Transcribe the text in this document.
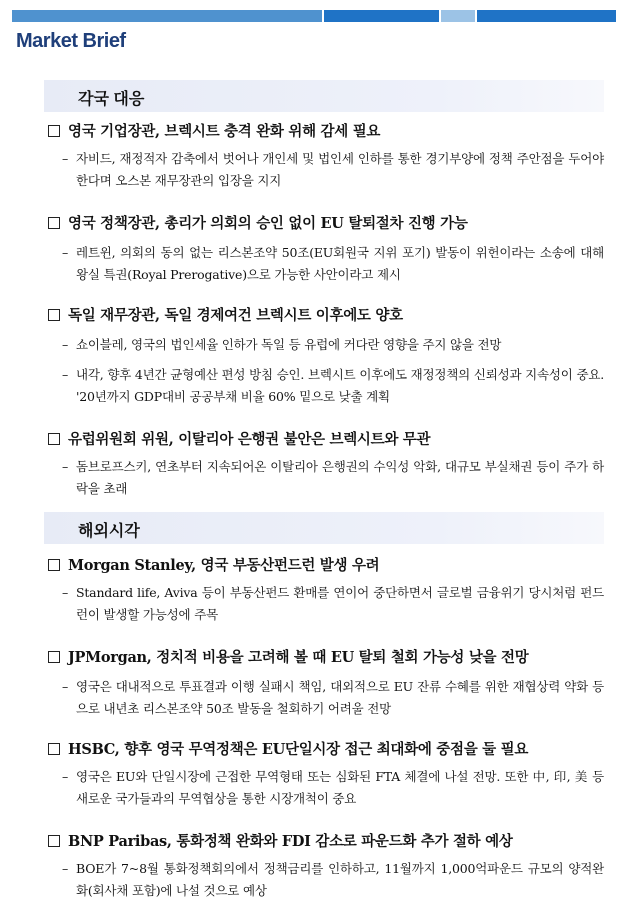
Market Brief
각국 대응
영국 기업장관, 브렉시트 충격 완화 위해 감세 필요
– 자비드, 재정적자 감축에서 벗어나 개인세 및 법인세 인하를 통한 경기부양에 정책 주안점을 두어야 한다며 오스본 재무장관의 입장을 지지
영국 정책장관, 총리가 의회의 승인 없이 EU 탈퇴절차 진행 가능
– 레트윈, 의회의 동의 없는 리스본조약 50조(EU회원국 지위 포기) 발동이 위헌이라는 소송에 대해 왕실 특권(Royal Prerogative)으로 가능한 사안이라고 제시
독일 재무장관, 독일 경제여건 브렉시트 이후에도 양호
– 쇼이블레, 영국의 법인세율 인하가 독일 등 유럽에 커다란 영향을 주지 않을 전망
– 내각, 향후 4년간 균형예산 편성 방침 승인. 브렉시트 이후에도 재정정책의 신뢰성과 지속성이 중요. '20년까지 GDP대비 공공부채 비율 60% 밑으로 낮출 계획
유럽위원회 위원, 이탈리아 은행권 불안은 브렉시트와 무관
– 돔브로프스키, 연초부터 지속되어온 이탈리아 은행권의 수익성 악화, 대규모 부실채권 등이 주가 하락을 초래
해외시각
Morgan Stanley, 영국 부동산펀드런 발생 우려
– Standard life, Aviva 등이 부동산펀드 환매를 연이어 중단하면서 글로벌 금융위기 당시처럼 펀드런이 발생할 가능성에 주목
JPMorgan, 정치적 비용을 고려해 볼 때 EU 탈퇴 철회 가능성 낮을 전망
– 영국은 대내적으로 투표결과 이행 실패시 책임, 대외적으로 EU 잔류 수혜를 위한 재협상력 약화 등으로 내년초 리스본조약 50조 발동을 철회하기 어려울 전망
HSBC, 향후 영국 무역정책은 EU단일시장 접근 최대화에 중점을 둘 필요
– 영국은 EU와 단일시장에 근접한 무역형태 또는 심화된 FTA 체결에 나설 전망. 또한 中, 印, 美 등 새로운 국가들과의 무역협상을 통한 시장개척이 중요
BNP Paribas, 통화정책 완화와 FDI 감소로 파운드화 추가 절하 예상
– BOE가 7~8월 통화정책회의에서 정책금리를 인하하고, 11월까지 1,000억파운드 규모의 양적완화(회사채 포함)에 나설 것으로 예상
